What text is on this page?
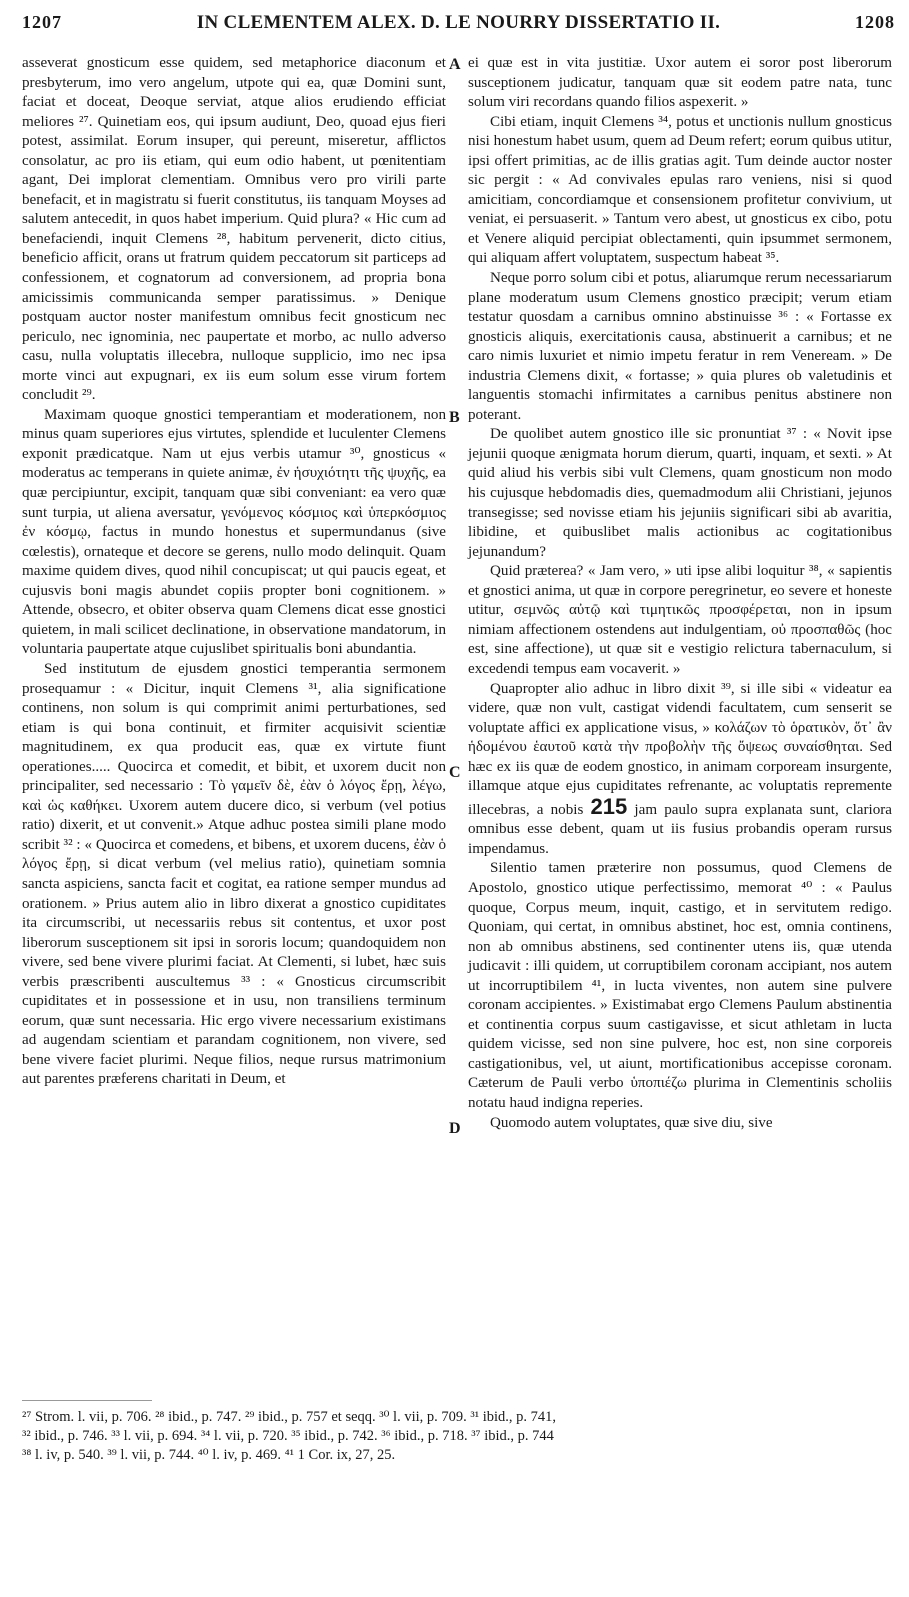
1207	IN CLEMENTEM ALEX. D. LE NOURRY DISSERTATIO II.	1208
A
B
C
D

asseverat gnosticum esse quidem, sed metaphorice diaconum et presbyterum, imo vero angelum, utpote qui ea, quæ Domini sunt, faciat et doceat, Deoque serviat, atque alios erudiendo efficiat meliores ²⁷. Quinetiam eos, qui ipsum audiunt, Deo, quoad ejus fieri potest, assimilat. Eorum insuper, qui pereunt, miseretur, afflictos consolatur, ac pro iis etiam, qui eum odio habent, ut pœnitentiam agant, Dei implorat clementiam. Omnibus vero pro virili parte benefacit, et in magistratu si fuerit constitutus, iis tanquam Moyses ad salutem antecedit, in quos habet imperium. Quid plura? « Hic cum ad benefaciendi, inquit Clemens ²⁸, habitum pervenerit, dicto citius, beneficio afficit, orans ut fratrum quidem peccatorum sit particeps ad confessionem, et cognatorum ad conversionem, ad propria bona amicissimis communicanda semper paratissimus. » Denique postquam auctor noster manifestum omnibus fecit gnosticum nec periculo, nec ignominia, nec paupertate et morbo, ac nullo adverso casu, nulla voluptatis illecebra, nulloque supplicio, imo nec ipsa morte vinci aut expugnari, ex iis eum solum esse virum fortem concludit ²⁹.

Maximam quoque gnostici temperantiam et moderationem, non minus quam superiores ejus virtutes, splendide et luculenter Clemens exponit prædicatque. Nam ut ejus verbis utamur ³⁰, gnosticus « moderatus ac temperans in quiete animæ, ἐν ἡσυχιότητι τῆς ψυχῆς, ea quæ percipiuntur, excipit, tanquam quæ sibi conveniant: ea vero quæ sunt turpia, ut aliena aversatur, γενόμενος κόσμιος καὶ ὑπερκόσμιος ἐν κόσμῳ, factus in mundo honestus et supermundanus (sive cœlestis), ornateque et decore se gerens, nullo modo delinquit. Quam maxime quidem dives, quod nihil concupiscat; ut qui paucis egeat, et cujusvis boni magis abundet copiis propter boni cognitionem. » Attende, obsecro, et obiter observa quam Clemens dicat esse gnostici quietem, in mali scilicet declinatione, in observatione mandatorum, in voluntaria paupertate atque cujuslibet spiritualis boni abundantia.

Sed institutum de ejusdem gnostici temperantia sermonem prosequamur : « Dicitur, inquit Clemens ³¹, alia significatione continens, non solum is qui comprimit animi perturbationes, sed etiam is qui bona continuit, et firmiter acquisivit scientiæ magnitudinem, ex qua producit eas, quæ ex virtute fiunt operationes..... Quocirca et comedit, et bibit, et uxorem ducit non principaliter, sed necessario : Τὸ γαμεῖν δὲ, ἐὰν ὁ λόγος ἔρῃ, λέγω, καὶ ὡς καθήκει. Uxorem autem ducere dico, si verbum (vel potius ratio) dixerit, et ut convenit.» Atque adhuc postea simili plane modo scribit ³² : « Quocirca et comedens, et bibens, et uxorem ducens, ἐὰν ὁ λόγος ἔρῃ, si dicat verbum (vel melius ratio), quinetiam somnia sancta aspiciens, sancta facit et cogitat, ea ratione semper mundus ad orationem. » Prius autem alio in libro dixerat a gnostico cupiditates ita circumscribi, ut necessariis rebus sit contentus, et uxor post liberorum susceptionem sit ipsi in sororis locum; quandoquidem non vivere, sed bene vivere plurimi faciat. At Clementi, si lubet, hæc suis verbis præscribenti auscultemus ³³ : « Gnosticus circumscribit cupiditates et in possessione et in usu, non transiliens terminum eorum, quæ sunt necessaria. Hic ergo vivere necessarium existimans ad augendam scientiam et parandam cognitionem, non vivere, sed bene vivere faciet plurimi. Neque filios, neque rursus matrimonium aut parentes præferens charitati in Deum, et

ei quæ est in vita justitiæ. Uxor autem ei soror post liberorum susceptionem judicatur, tanquam quæ sit eodem patre nata, tunc solum viri recordans quando filios aspexerit. »

Cibi etiam, inquit Clemens ³⁴, potus et unctionis nullum gnosticus nisi honestum habet usum, quem ad Deum refert; eorum quibus utitur, ipsi offert primitias, ac de illis gratias agit. Tum deinde auctor noster sic pergit : « Ad convivales epulas raro veniens, nisi si quod amicitiam, concordiamque et consensionem profitetur convivium, ut veniat, ei persuaserit. » Tantum vero abest, ut gnosticus ex cibo, potu et Venere aliquid percipiat oblectamenti, quin ipsummet sermonem, qui aliquam affert voluptatem, suspectum habeat ³⁵.

Neque porro solum cibi et potus, aliarumque rerum necessariarum plane moderatum usum Clemens gnostico præcipit; verum etiam testatur quosdam a carnibus omnino abstinuisse ³⁶ : « Fortasse ex gnosticis aliquis, exercitationis causa, abstinuerit a carnibus; et ne caro nimis luxuriet et nimio impetu feratur in rem Veneream. » De industria Clemens dixit, « fortasse; » quia plures ob valetudinis et languentis stomachi infirmitates a carnibus penitus abstinere non poterant.

De quolibet autem gnostico ille sic pronuntiat ³⁷ : « Novit ipse jejunii quoque ænigmata horum dierum, quarti, inquam, et sexti. » At quid aliud his verbis sibi vult Clemens, quam gnosticum non modo his cujusque hebdomadis dies, quemadmodum alii Christiani, jejunos transegisse; sed novisse etiam his jejuniis significari sibi ab avaritia, libidine, et quibuslibet malis actionibus ac cogitationibus jejunandum?

Quid præterea? « Jam vero, » uti ipse alibi loquitur ³⁸, « sapientis et gnostici anima, ut quæ in corpore peregrinetur, eo severe et honeste utitur, σεμνῶς αὐτῷ καὶ τιμητικῶς προσφέρεται, non in ipsum nimiam affectionem ostendens aut indulgentiam, οὐ προσπαθῶς (hoc est, sine affectione), ut quæ sit e vestigio relictura tabernaculum, si excedendi tempus eam vocaverit. »

Quapropter alio adhuc in libro dixit ³⁹, si ille sibi « videatur ea videre, quæ non vult, castigat videndi facultatem, cum senserit se voluptate affici ex applicatione visus, » κολάζων τὸ ὁρατικὸν, ὅτ᾽ ἂν ἡδομένου ἑαυτοῦ κατὰ τὴν προβολὴν τῆς ὄψεως συναίσθηται. Sed hæc ex iis quæ de eodem gnostico, in animam corpoream insurgente, illamque atque ejus cupiditates refrenante, ac voluptatis repremente illecebras, a nobis 215 jam paulo supra explanata sunt, clariora omnibus esse debent, quam ut iis fusius probandis operam rursus impendamus.

Silentio tamen præterire non possumus, quod Clemens de Apostolo, gnostico utique perfectissimo, memorat ⁴⁰ : « Paulus quoque, Corpus meum, inquit, castigo, et in servitutem redigo. Quoniam, qui certat, in omnibus abstinet, hoc est, omnia continens, non ab omnibus abstinens, sed continenter utens iis, quæ utenda judicavit : illi quidem, ut corruptibilem coronam accipiant, nos autem ut incorruptibilem ⁴¹, in lucta viventes, non autem sine pulvere coronam accipientes. » Existimabat ergo Clemens Paulum abstinentia et continentia corpus suum castigavisse, et sicut athletam in lucta quidem vicisse, sed non sine pulvere, hoc est, non sine corporeis castigationibus, vel, ut aiunt, mortificationibus accepisse coronam. Cæterum de Pauli verbo ὑποπιέζω plurima in Clementinis scholiis notatu haud indigna reperies.

Quomodo autem voluptates, quæ sive diu, sive

²⁷ Strom. l. vii, p. 706. ²⁸ ibid., p. 747. ²⁹ ibid., p. 757 et seqq. ³⁰ l. vii, p. 709. ³¹ ibid., p. 741,
³² ibid., p. 746. ³³ l. vii, p. 694. ³⁴ l. vii, p. 720. ³⁵ ibid., p. 742. ³⁶ ibid., p. 718. ³⁷ ibid., p. 744
³⁸ l. iv, p. 540. ³⁹ l. vii, p. 744. ⁴⁰ l. iv, p. 469. ⁴¹ 1 Cor. ix, 27, 25.
